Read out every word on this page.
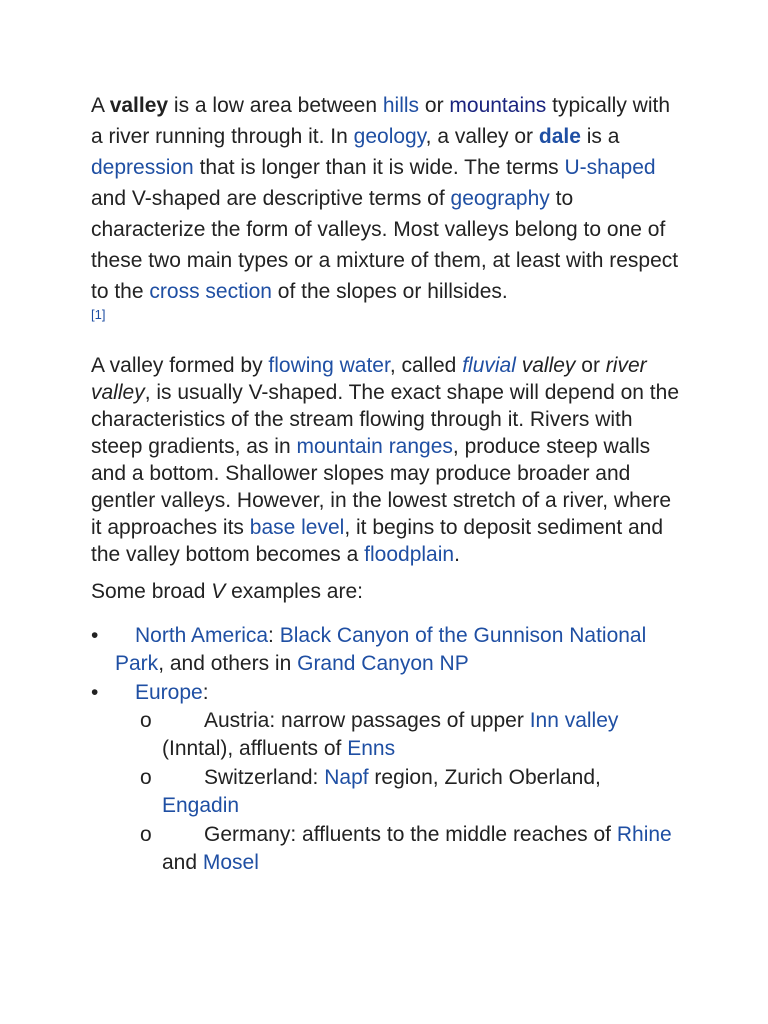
A valley is a low area between hills or mountains typically with a river running through it. In geology, a valley or dale is a depression that is longer than it is wide. The terms U-shaped and V-shaped are descriptive terms of geography to characterize the form of valleys. Most valleys belong to one of these two main types or a mixture of them, at least with respect to the cross section of the slopes or hillsides.
[1]

A valley formed by flowing water, called fluvial valley or river valley, is usually V-shaped. The exact shape will depend on the characteristics of the stream flowing through it. Rivers with steep gradients, as in mountain ranges, produce steep walls and a bottom. Shallower slopes may produce broader and gentler valleys. However, in the lowest stretch of a river, where it approaches its base level, it begins to deposit sediment and the valley bottom becomes a floodplain.

Some broad V examples are:

•	North America: Black Canyon of the Gunnison National Park, and others in Grand Canyon NP
•	Europe:
o Austria: narrow passages of upper Inn valley (Inntal), affluents of Enns
o Switzerland: Napf region, Zurich Oberland, Engadin
o Germany: affluents to the middle reaches of Rhine and Mosel
